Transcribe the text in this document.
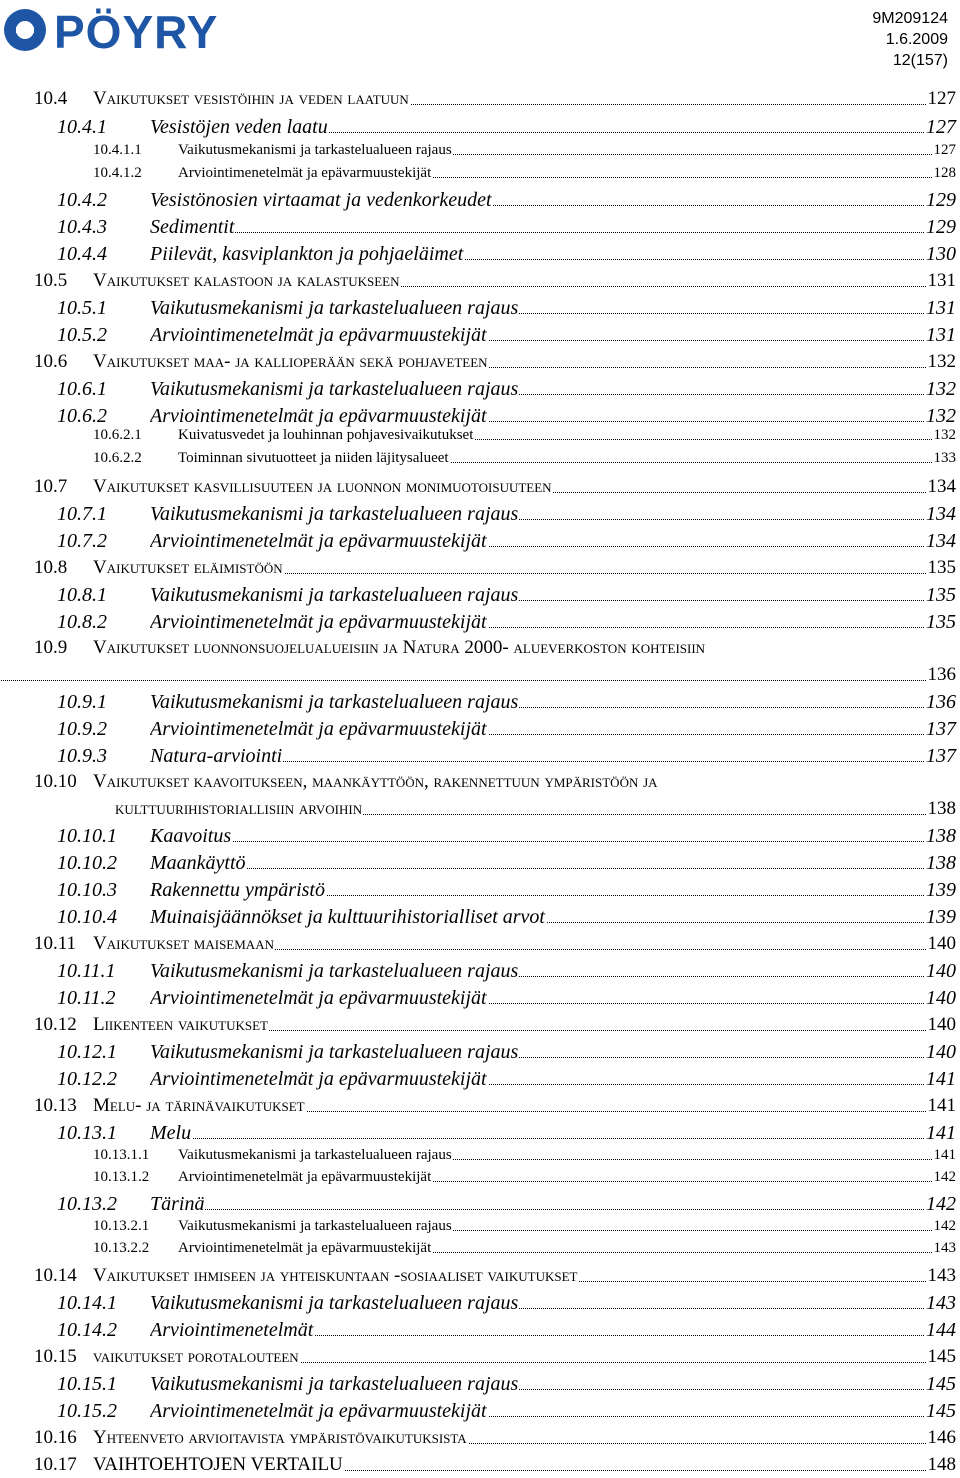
PÖYRY	9M209124
1.6.2009
12(157)
10.4 Vaikutukset vesistöihin ja veden laatuun	127
10.4.1 Vesistöjen veden laatu	127
10.4.1.1 Vaikutusmekanismi ja tarkastelualueen rajaus	127
10.4.1.2 Arviointimenetelmät ja epävarmuustekijät	128
10.4.2 Vesistönosien virtaamat ja vedenkorkeudet	129
10.4.3 Sedimentit	129
10.4.4 Piilevät, kasviplankton ja pohjaeläimet	130
10.5 Vaikutukset kalastoon ja kalastukseen	131
10.5.1 Vaikutusmekanismi ja tarkastelualueen rajaus	131
10.5.2 Arviointimenetelmät ja epävarmuustekijät	131
10.6 Vaikutukset maa- ja kallioperään sekä pohjaveteen	132
10.6.1 Vaikutusmekanismi ja tarkastelualueen rajaus	132
10.6.2 Arviointimenetelmät ja epävarmuustekijät	132
10.6.2.1 Kuivatusvedet ja louhinnan pohjavesivaikutukset	132
10.6.2.2 Toiminnan sivutuotteet ja niiden läjitysalueet	133
10.7 Vaikutukset kasvillisuuteen ja luonnon monimuotoisuuteen	134
10.7.1 Vaikutusmekanismi ja tarkastelualueen rajaus	134
10.7.2 Arviointimenetelmät ja epävarmuustekijät	134
10.8 Vaikutukset eläimistöön	135
10.8.1 Vaikutusmekanismi ja tarkastelualueen rajaus	135
10.8.2 Arviointimenetelmät ja epävarmuustekijät	135
10.9 Vaikutukset luonnonsuojelualueisiin ja Natura 2000- alueverkoston kohteisiin
136
10.9.1 Vaikutusmekanismi ja tarkastelualueen rajaus	136
10.9.2 Arviointimenetelmät ja epävarmuustekijät	137
10.9.3 Natura-arviointi	137
10.10 Vaikutukset kaavoitukseen, maankäyttöön, rakennettuun ympäristöön ja
kulttuurihistoriallisiin arvoihin	138
10.10.1 Kaavoitus	138
10.10.2 Maankäyttö	138
10.10.3 Rakennettu ympäristö	139
10.10.4 Muinaisjäännökset ja kulttuurihistorialliset arvot	139
10.11 Vaikutukset maisemaan	140
10.11.1 Vaikutusmekanismi ja tarkastelualueen rajaus	140
10.11.2 Arviointimenetelmät ja epävarmuustekijät	140
10.12 Liikenteen vaikutukset	140
10.12.1 Vaikutusmekanismi ja tarkastelualueen rajaus	140
10.12.2 Arviointimenetelmät ja epävarmuustekijät	141
10.13 Melu- ja tärinävaikutukset	141
10.13.1 Melu	141
10.13.1.1 Vaikutusmekanismi ja tarkastelualueen rajaus	141
10.13.1.2 Arviointimenetelmät ja epävarmuustekijät	142
10.13.2 Tärinä	142
10.13.2.1 Vaikutusmekanismi ja tarkastelualueen rajaus	142
10.13.2.2 Arviointimenetelmät ja epävarmuustekijät	143
10.14 Vaikutukset ihmiseen ja yhteiskuntaan -sosiaaliset vaikutukset	143
10.14.1 Vaikutusmekanismi ja tarkastelualueen rajaus	143
10.14.2 Arviointimenetelmät	144
10.15 vaikutukset porotalouteen	145
10.15.1 Vaikutusmekanismi ja tarkastelualueen rajaus	145
10.15.2 Arviointimenetelmät ja epävarmuustekijät	145
10.16 Yhteenveto arvioitavista ympäristövaikutuksista	146
10.17 VAIHTOEHTOJEN VERTAILU	148
